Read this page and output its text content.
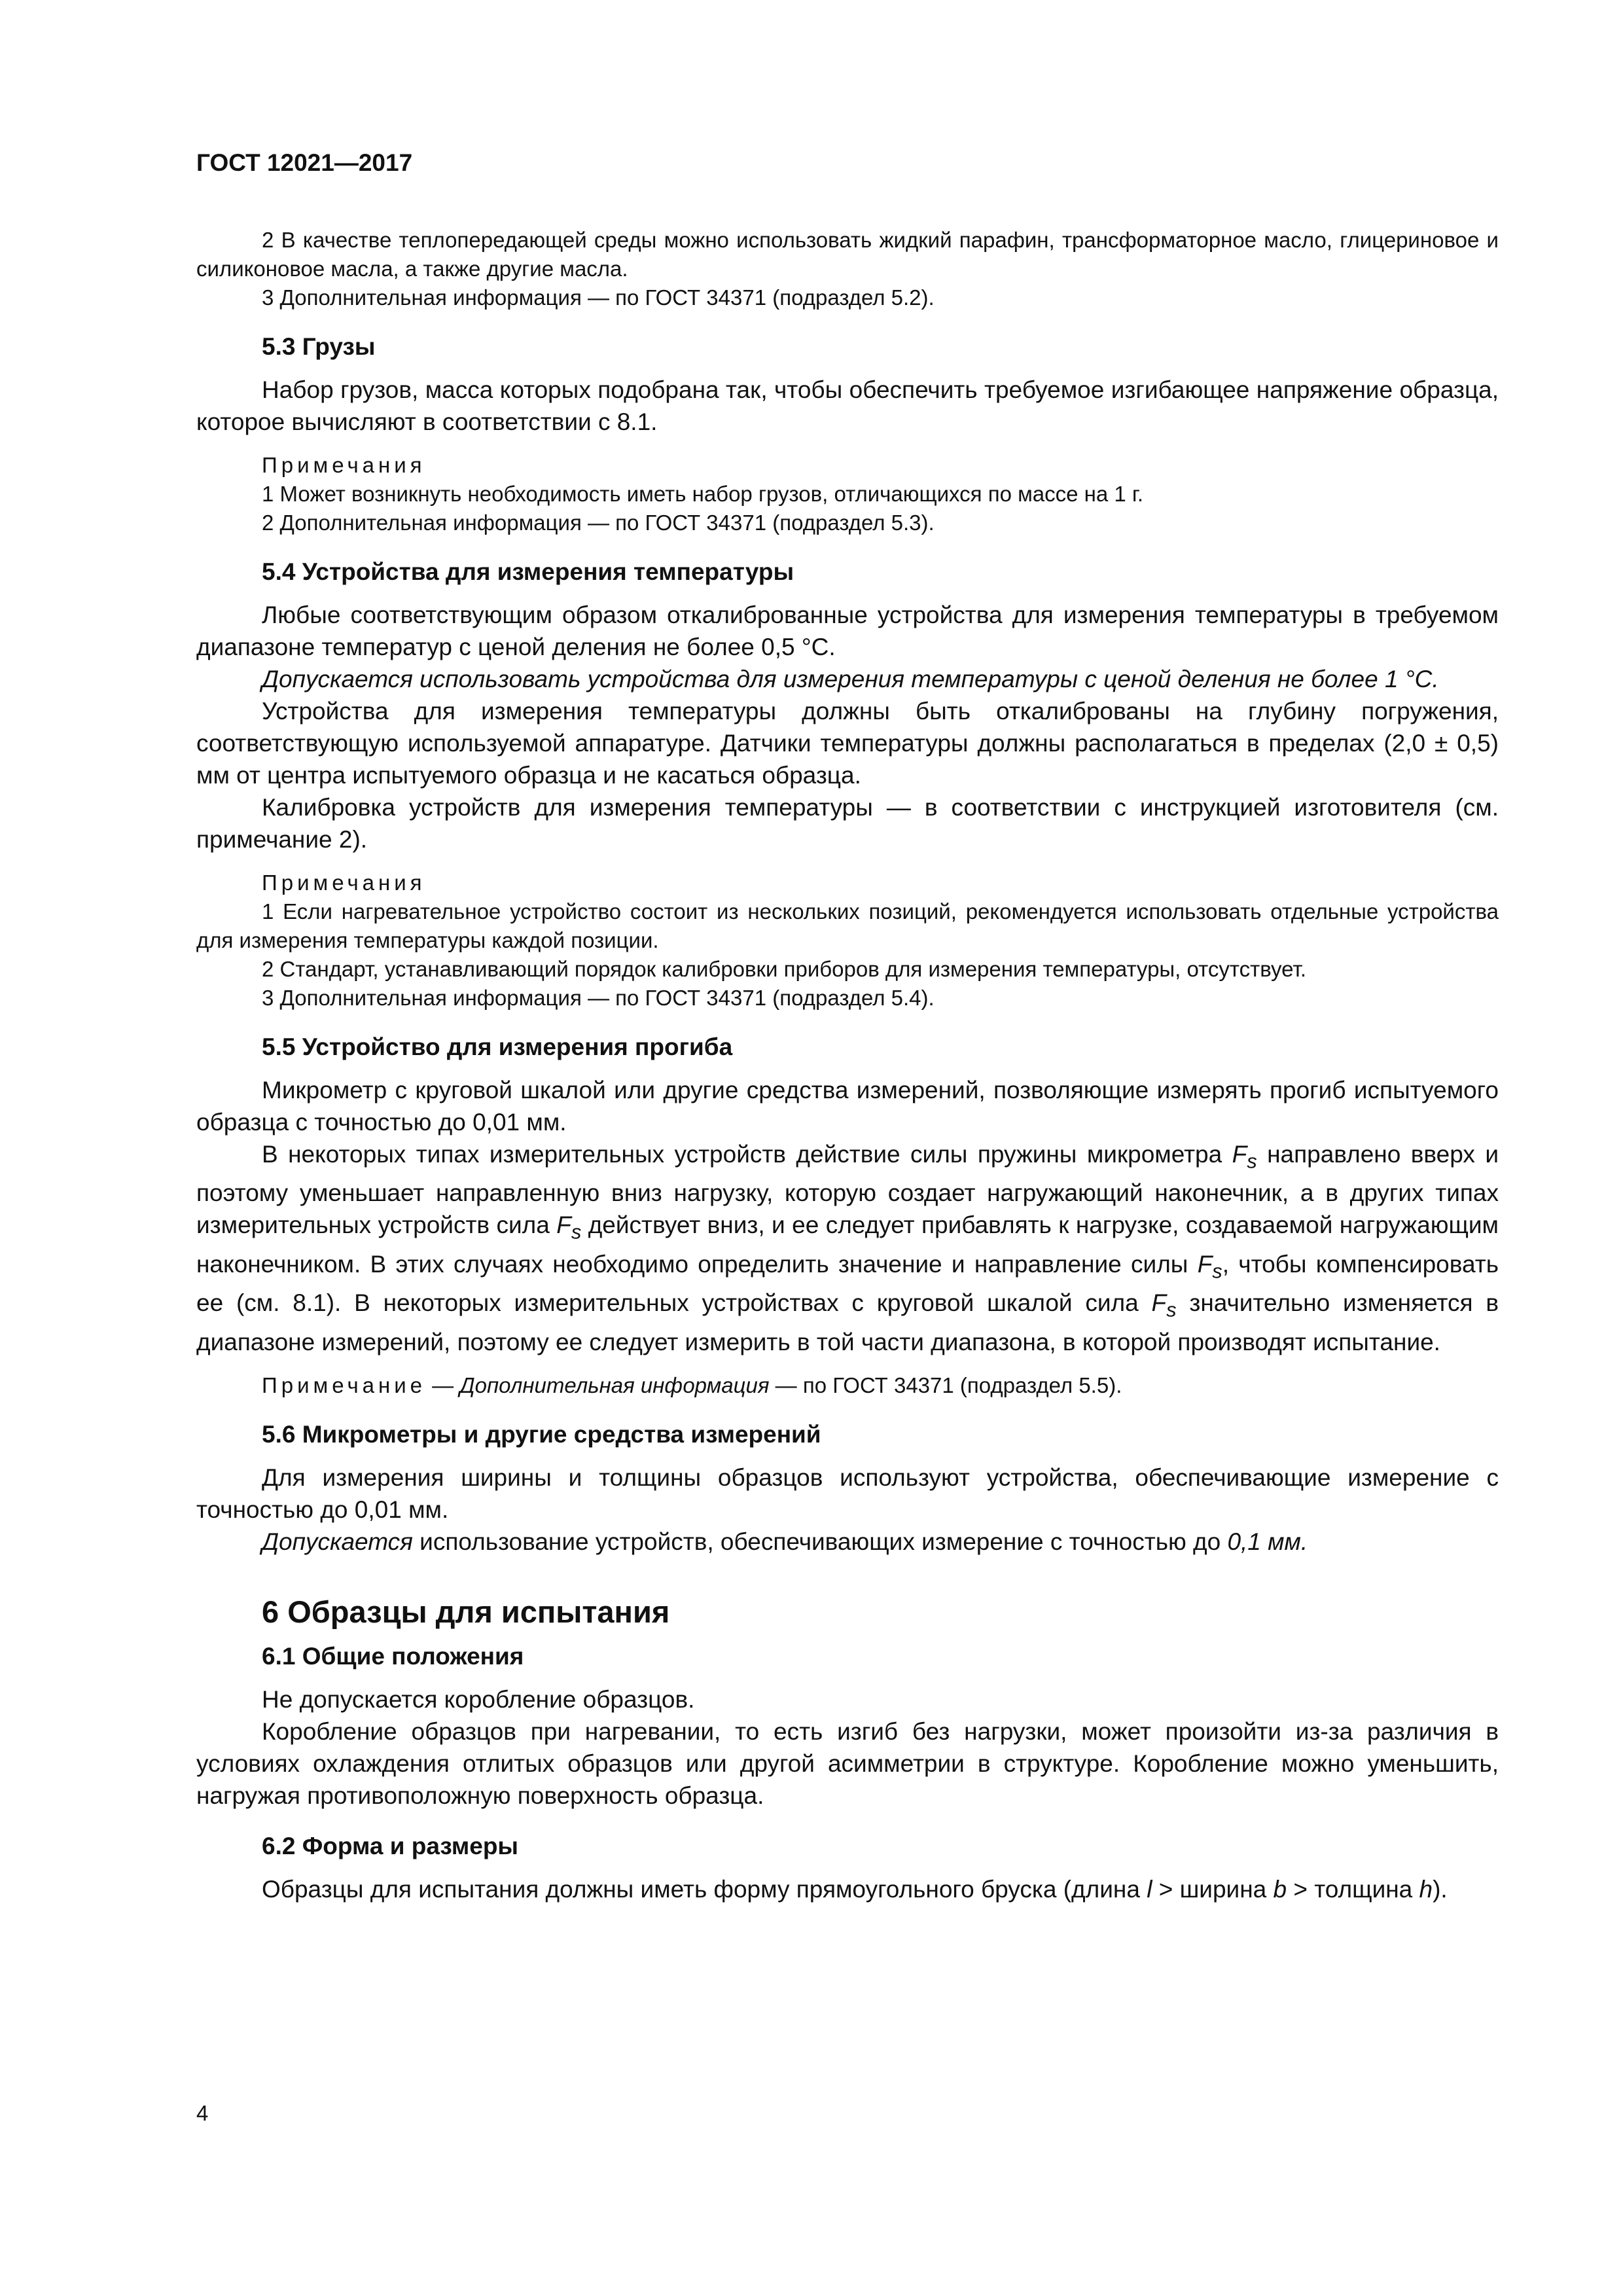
ГОСТ 12021—2017

2 В качестве теплопередающей среды можно использовать жидкий парафин, трансформаторное масло, глицериновое и силиконовое масла, а также другие масла.

3 Дополнительная информация — по ГОСТ 34371 (подраздел 5.2).

5.3 Грузы

Набор грузов, масса которых подобрана так, чтобы обеспечить требуемое изгибающее напряжение образца, которое вычисляют в соответствии с 8.1.

Примечания

1 Может возникнуть необходимость иметь набор грузов, отличающихся по массе на 1 г.

2 Дополнительная информация — по ГОСТ 34371 (подраздел 5.3).

5.4 Устройства для измерения температуры

Любые соответствующим образом откалиброванные устройства для измерения температуры в требуемом диапазоне температур с ценой деления не более 0,5 °С.

Допускается использовать устройства для измерения температуры с ценой деления не более 1 °С.

Устройства для измерения температуры должны быть откалиброваны на глубину погружения, соответствующую используемой аппаратуре. Датчики температуры должны располагаться в пределах (2,0 ± 0,5) мм от центра испытуемого образца и не касаться образца.

Калибровка устройств для измерения температуры — в соответствии с инструкцией изготовителя (см. примечание 2).

Примечания

1 Если нагревательное устройство состоит из нескольких позиций, рекомендуется использовать отдельные устройства для измерения температуры каждой позиции.

2 Стандарт, устанавливающий порядок калибровки приборов для измерения температуры, отсутствует.

3 Дополнительная информация — по ГОСТ 34371 (подраздел 5.4).

5.5 Устройство для измерения прогиба

Микрометр с круговой шкалой или другие средства измерений, позволяющие измерять прогиб испытуемого образца с точностью до 0,01 мм.

В некоторых типах измерительных устройств действие силы пружины микрометра $F_s$ направлено вверх и поэтому уменьшает направленную вниз нагрузку, которую создает нагружающий наконечник, а в других типах измерительных устройств сила $F_s$ действует вниз, и ее следует прибавлять к нагрузке, создаваемой нагружающим наконечником. В этих случаях необходимо определить значение и направление силы $F_s$, чтобы компенсировать ее (см. 8.1). В некоторых измерительных устройствах с круговой шкалой сила $F_s$ значительно изменяется в диапазоне измерений, поэтому ее следует измерить в той части диапазона, в которой производят испытание.

Примечание — Дополнительная информация — по ГОСТ 34371 (подраздел 5.5).

5.6 Микрометры и другие средства измерений

Для измерения ширины и толщины образцов используют устройства, обеспечивающие измерение с точностью до 0,01 мм.

Допускается использование устройств, обеспечивающих измерение с точностью до 0,1 мм.

6 Образцы для испытания

6.1 Общие положения

Не допускается коробление образцов.

Коробление образцов при нагревании, то есть изгиб без нагрузки, может произойти из-за различия в условиях охлаждения отлитых образцов или другой асимметрии в структуре. Коробление можно уменьшить, нагружая противоположную поверхность образца.

6.2 Форма и размеры

Образцы для испытания должны иметь форму прямоугольного бруска (длина l > ширина b > толщина h).

4
